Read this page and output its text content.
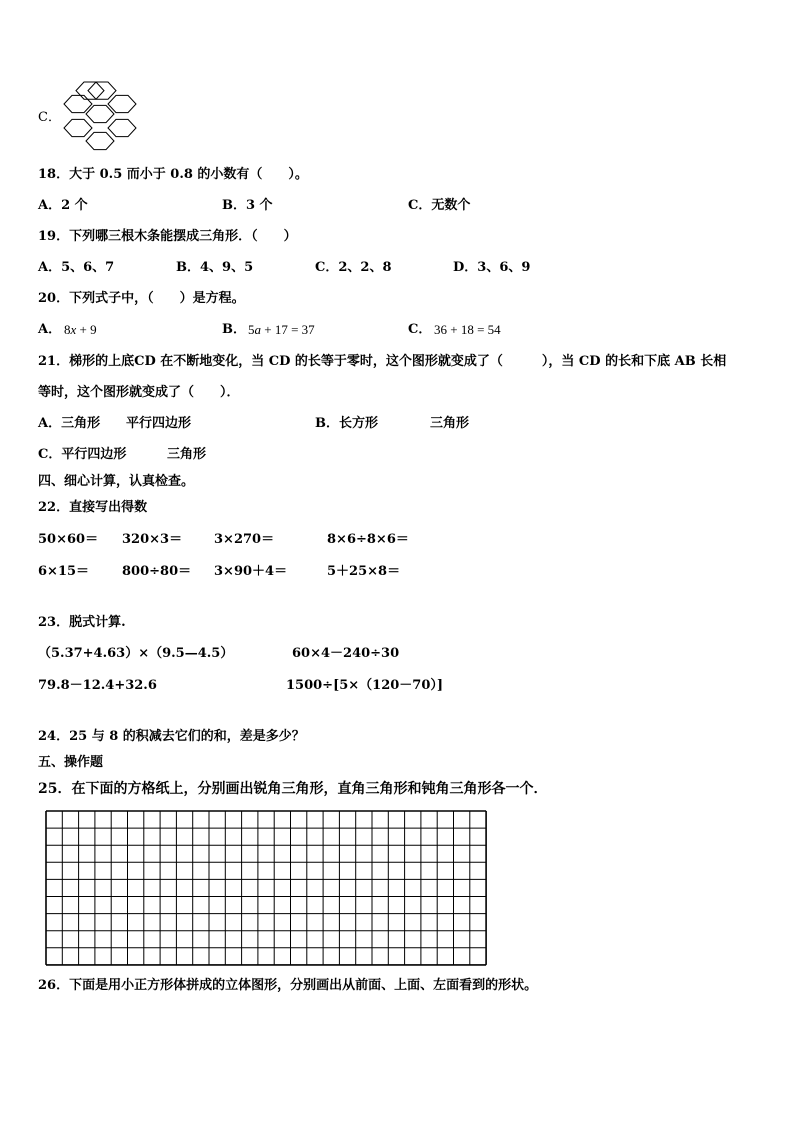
C．
18．大于 0.5 而小于 0.8 的小数有（　　）。
A．2 个	B．3 个	C．无数个
19．下列哪三根木条能摆成三角形．（　　）
A．5、6、7	B．4、9、5	C．2、2、8	D．3、6、9
20．下列式子中，（　　）是方程。
A． 8x + 9	B． 5a + 17 = 37	C． 36 + 18 = 54
21．梯形的上底CD 在不断地变化，当 CD 的长等于零时，这个图形就变成了（　　　），当 CD 的长和下底 AB 长相
等时，这个图形就变成了（　　）．
A．三角形 平行四边形	B．长方形	三角形
C．平行四边形	三角形
四、细心计算，认真检查。
22．直接写出得数
50×60＝ 320×3＝ 3×270＝	8×6÷8×6＝
6×15＝	800÷80＝ 3×90＋4＝	5＋25×8＝
23．脱式计算.
（5.37+4.63）×（9.5—4.5）	60×4－240÷30
79.8－12.4+32.6	1500÷[5×（120－70）]
24．25 与 8 的积减去它们的和，差是多少？
五、操作题
25．在下面的方格纸上，分别画出锐角三角形，直角三角形和钝角三角形各一个．
26．下面是用小正方形体拼成的立体图形，分别画出从前面、上面、左面看到的形状。
